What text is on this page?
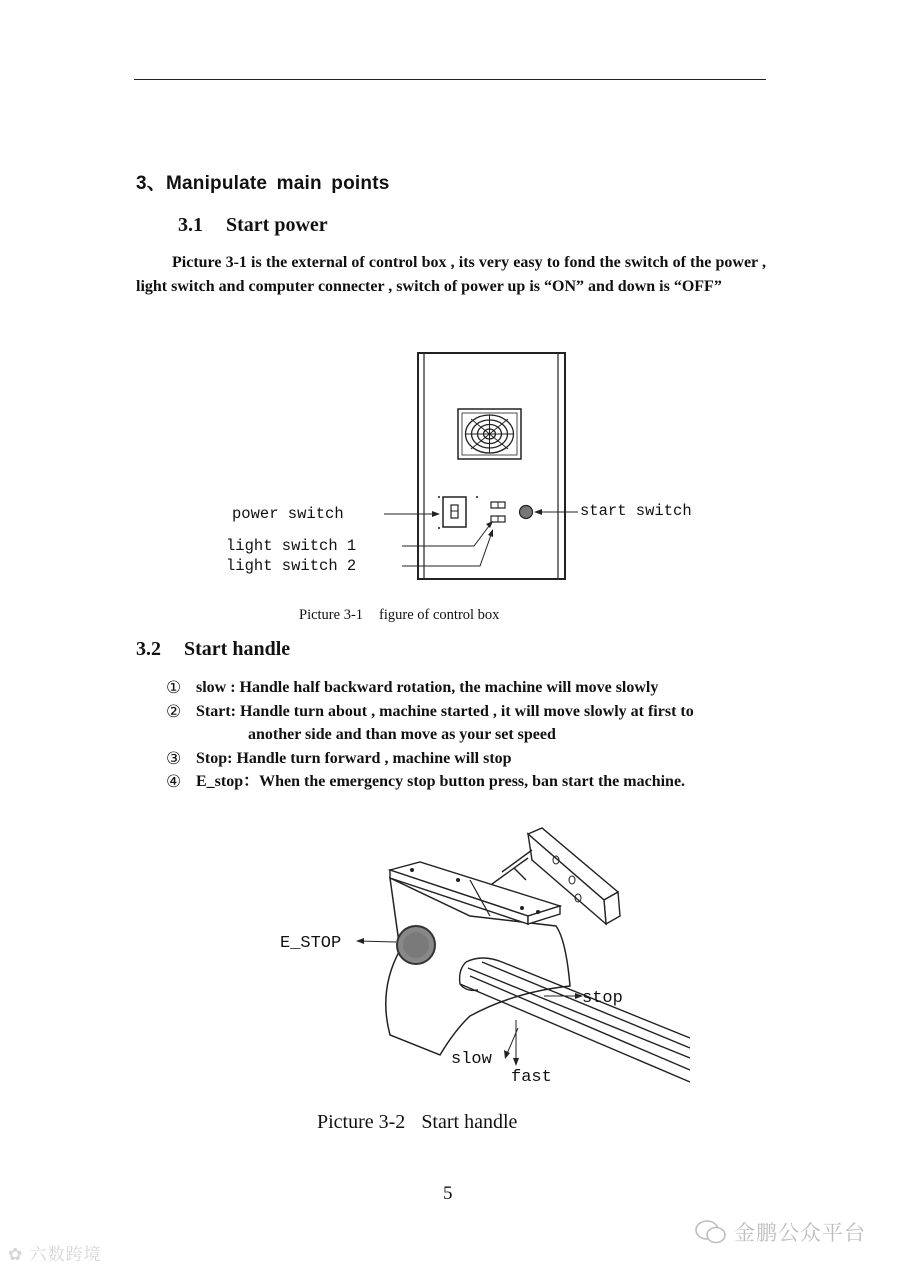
3、Manipulate main points
3.1 Start power

Picture 3-1 is the external of control box , its very easy to fond the switch of the power , light switch and computer connecter , switch of power up is “ON” and down is “OFF”

power switch
light switch 1
light switch 2
start switch

Picture 3-1 figure of control box

3.2 Start handle
① slow : Handle half backward rotation, the machine will move slowly
② Start: Handle turn about , machine started , it will move slowly at first to
another side and than move as your set speed
③ Stop: Handle turn forward , machine will stop
④ E_stop：When the emergency stop button press, ban start the machine.
E_STOP
stop
slow
fast

Picture 3-2 Start handle

5

✿ 六数跨境
金鹏公众平台
